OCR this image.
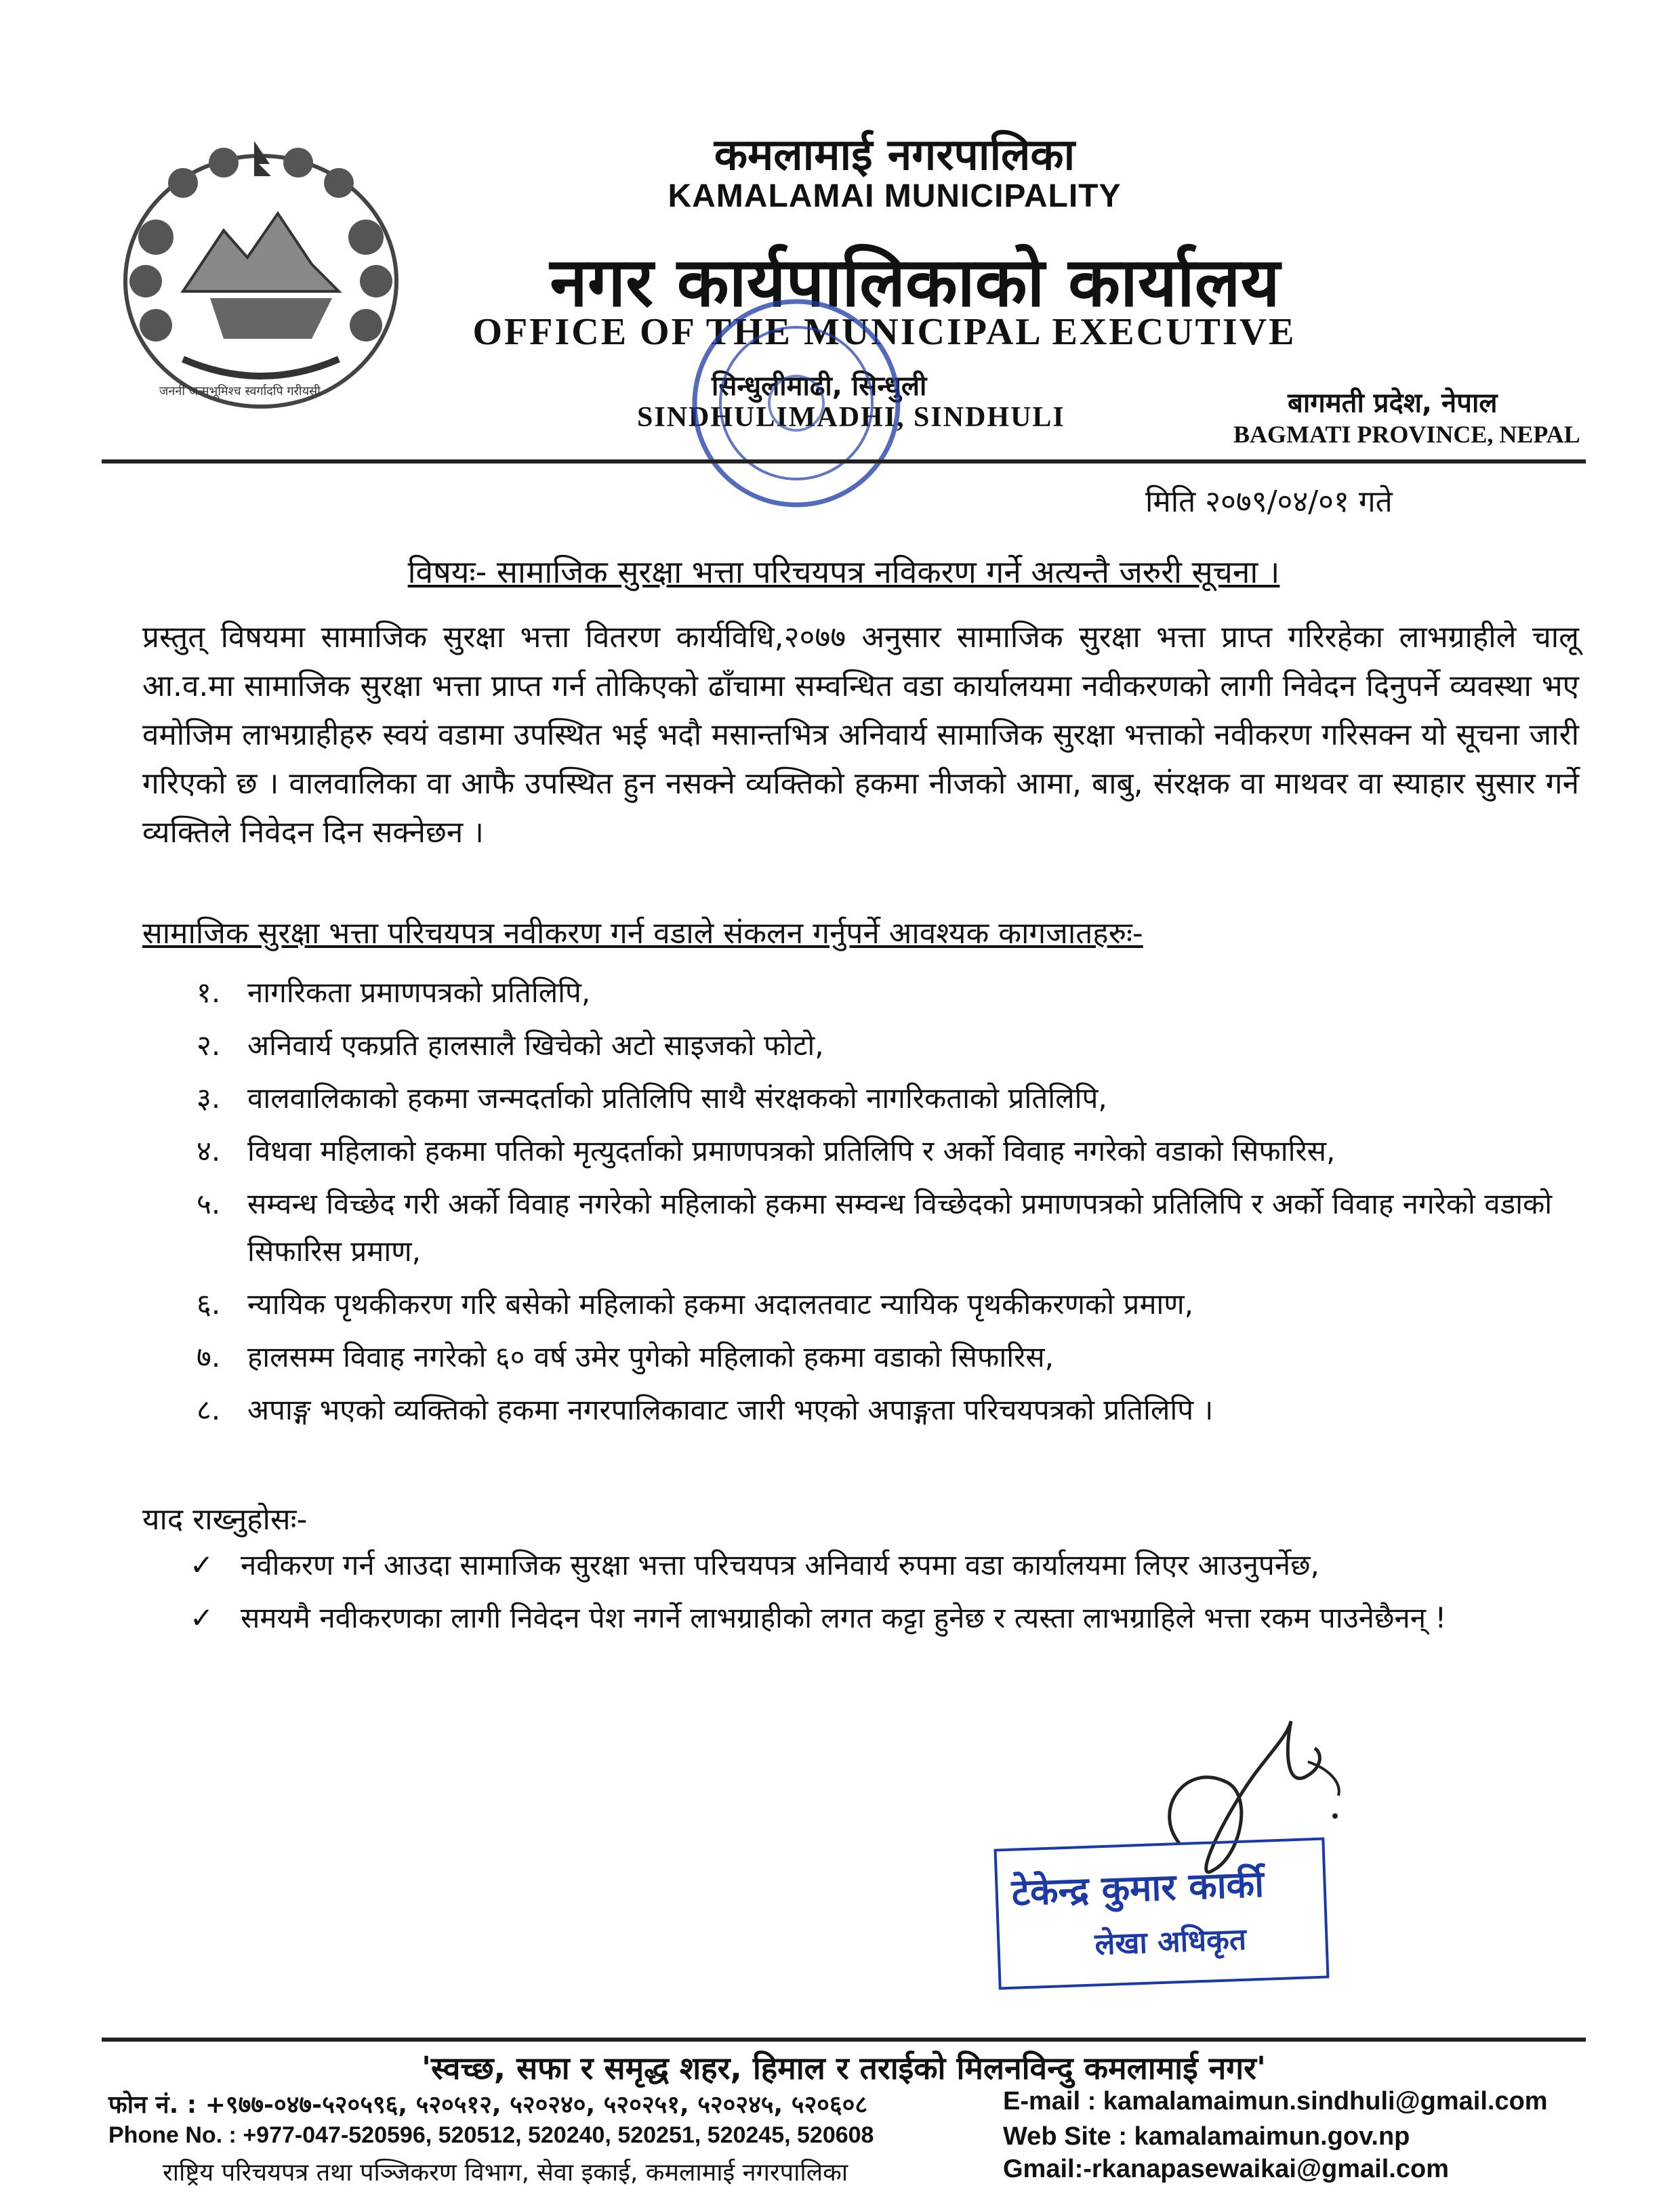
जननी जन्मभूमिश्च स्वर्गादपि गरीयसी
कमलामाई नगरपालिका
KAMALAMAI MUNICIPALITY
नगर कार्यपालिकाको कार्यालय
OFFICE OF THE MUNICIPAL EXECUTIVE
सिन्धुलीमाढी, सिन्धुली
SINDHULIMADHI, SINDHULI	बागमती प्रदेश, नेपाल
BAGMATI PROVINCE, NEPAL
मिति २०७९/०४/०१ गते
विषयः- सामाजिक सुरक्षा भत्ता परिचयपत्र नविकरण गर्ने अत्यन्तै जरुरी सूचना ।
प्रस्तुत् विषयमा सामाजिक सुरक्षा भत्ता वितरण कार्यविधि,२०७७ अनुसार सामाजिक सुरक्षा भत्ता प्राप्त गरिरहेका लाभग्राहीले चालू आ.व.मा सामाजिक सुरक्षा भत्ता प्राप्त गर्न तोकिएको ढाँचामा सम्वन्धित वडा कार्यालयमा नवीकरणको लागी निवेदन दिनुपर्ने व्यवस्था भए वमोजिम लाभग्राहीहरु स्वयं वडामा उपस्थित भई भदौ मसान्तभित्र अनिवार्य सामाजिक सुरक्षा भत्ताको नवीकरण गरिसक्न यो सूचना जारी गरिएको छ । वालवालिका वा आफै उपस्थित हुन नसक्ने व्यक्तिको हकमा नीजको आमा, बाबु, संरक्षक वा माथवर वा स्याहार सुसार गर्ने व्यक्तिले निवेदन दिन सक्नेछन ।
सामाजिक सुरक्षा भत्ता परिचयपत्र नवीकरण गर्न वडाले संकलन गर्नुपर्ने आवश्यक कागजातहरुः-
१. नागरिकता प्रमाणपत्रको प्रतिलिपि,
२. अनिवार्य एकप्रति हालसालै खिचेको अटो साइजको फोटो,
३. वालवालिकाको हकमा जन्मदर्ताको प्रतिलिपि साथै संरक्षकको नागरिकताको प्रतिलिपि,
४. विधवा महिलाको हकमा पतिको मृत्युदर्ताको प्रमाणपत्रको प्रतिलिपि र अर्को विवाह नगरेको वडाको सिफारिस,
५. सम्वन्ध विच्छेद गरी अर्को विवाह नगरेको महिलाको हकमा सम्वन्ध विच्छेदको प्रमाणपत्रको प्रतिलिपि र अर्को विवाह नगरेको वडाको सिफारिस प्रमाण,
६. न्यायिक पृथकीकरण गरि बसेको महिलाको हकमा अदालतवाट न्यायिक पृथकीकरणको प्रमाण,
७. हालसम्म विवाह नगरेको ६० वर्ष उमेर पुगेको महिलाको हकमा वडाको सिफारिस,
८. अपाङ्ग भएको व्यक्तिको हकमा नगरपालिकावाट जारी भएको अपाङ्गता परिचयपत्रको प्रतिलिपि ।
याद राख्नुहोसः-
✓ नवीकरण गर्न आउदा सामाजिक सुरक्षा भत्ता परिचयपत्र अनिवार्य रुपमा वडा कार्यालयमा लिएर आउनुपर्नेछ,
✓ समयमै नवीकरणका लागी निवेदन पेश नगर्ने लाभग्राहीको लगत कट्टा हुनेछ र त्यस्ता लाभग्राहिले भत्ता रकम पाउनेछैनन् !
टेकेन्द्र कुमार कार्की
लेखा अधिकृत
'स्वच्छ, सफा र समृद्ध शहर, हिमाल र तराईको मिलनविन्दु कमलामाई नगर'
फोन नं. : +९७७-०४७-५२०५९६, ५२०५१२, ५२०२४०, ५२०२५१, ५२०२४५, ५२०६०८
Phone No. : +977-047-520596, 520512, 520240, 520251, 520245, 520608
राष्ट्रिय परिचयपत्र तथा पञ्जिकरण विभाग, सेवा इकाई, कमलामाई नगरपालिका
E-mail : kamalamaimun.sindhuli@gmail.com
Web Site : kamalamaimun.gov.np
Gmail:-rkanapasewaikai@gmail.com
